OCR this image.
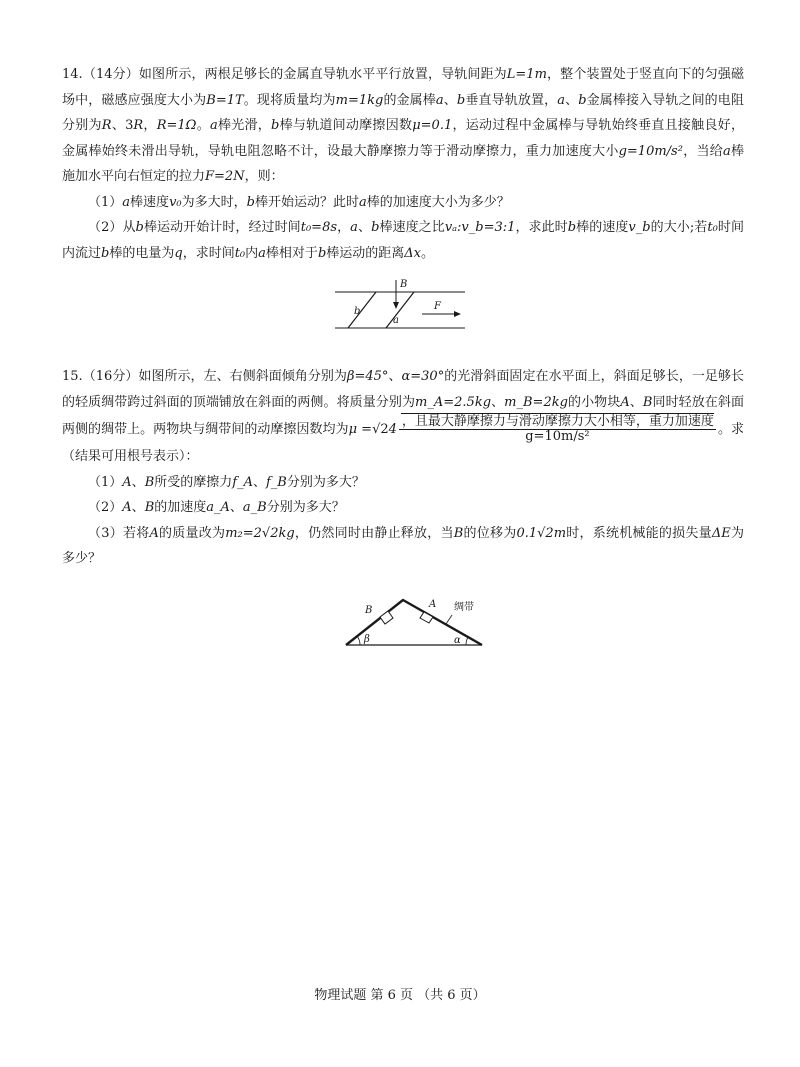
14.（14分）如图所示，两根足够长的金属直导轨水平平行放置，导轨间距为L=1m，整个装置处于竖直向下的匀强磁场中，磁感应强度大小为B=1T。现将质量均为m=1kg的金属棒a、b垂直导轨放置，a、b金属棒接入导轨之间的电阻分别为R、3R，R=1Ω。a棒光滑，b棒与轨道间动摩擦因数μ=0.1，运动过程中金属棒与导轨始终垂直且接触良好，金属棒始终未滑出导轨，导轨电阻忽略不计，设最大静摩擦力等于滑动摩擦力，重力加速度大小g=10m/s²，当给a棒施加水平向右恒定的拉力F=2N，则：

（1）a棒速度v₀为多大时，b棒开始运动？此时a棒的加速度大小为多少？

（2）从b棒运动开始计时，经过时间t₀=8s，a、b棒速度之比vₐ:v_b=3:1，求此时b棒的速度v_b的大小;若t₀时间内流过b棒的电量为q，求时间t₀内a棒相对于b棒运动的距离Δx。

B
b
a
F

15.（16分）如图所示，左、右侧斜面倾角分别为β=45°、α=30°的光滑斜面固定在水平面上，斜面足够长，一足够长的轻质绸带跨过斜面的顶端铺放在斜面的两侧。将质量分别为m_A=2.5kg、m_B=2kg的小物块A、B同时轻放在斜面两侧的绸带上。两物块与绸带间的动摩擦因数均为$\mu =√24 \frac{\text{，且最大静摩擦力与滑动摩擦力大小相等，重力加速度}}{\text{g=10m/s²}}$ 。求（结果可用根号表示）：

（1）A、B所受的摩擦力f_A、f_B分别为多大？

（2）A、B的加速度a_A、a_B分别为多大？

（3）若将A的质量改为m₂=2√2kg，仍然同时由静止释放，当B的位移为0.1√2m时，系统机械能的损失量ΔE为多少？

B
A 绸带
β	α
物理试题 第 6 页 （共 6 页）
